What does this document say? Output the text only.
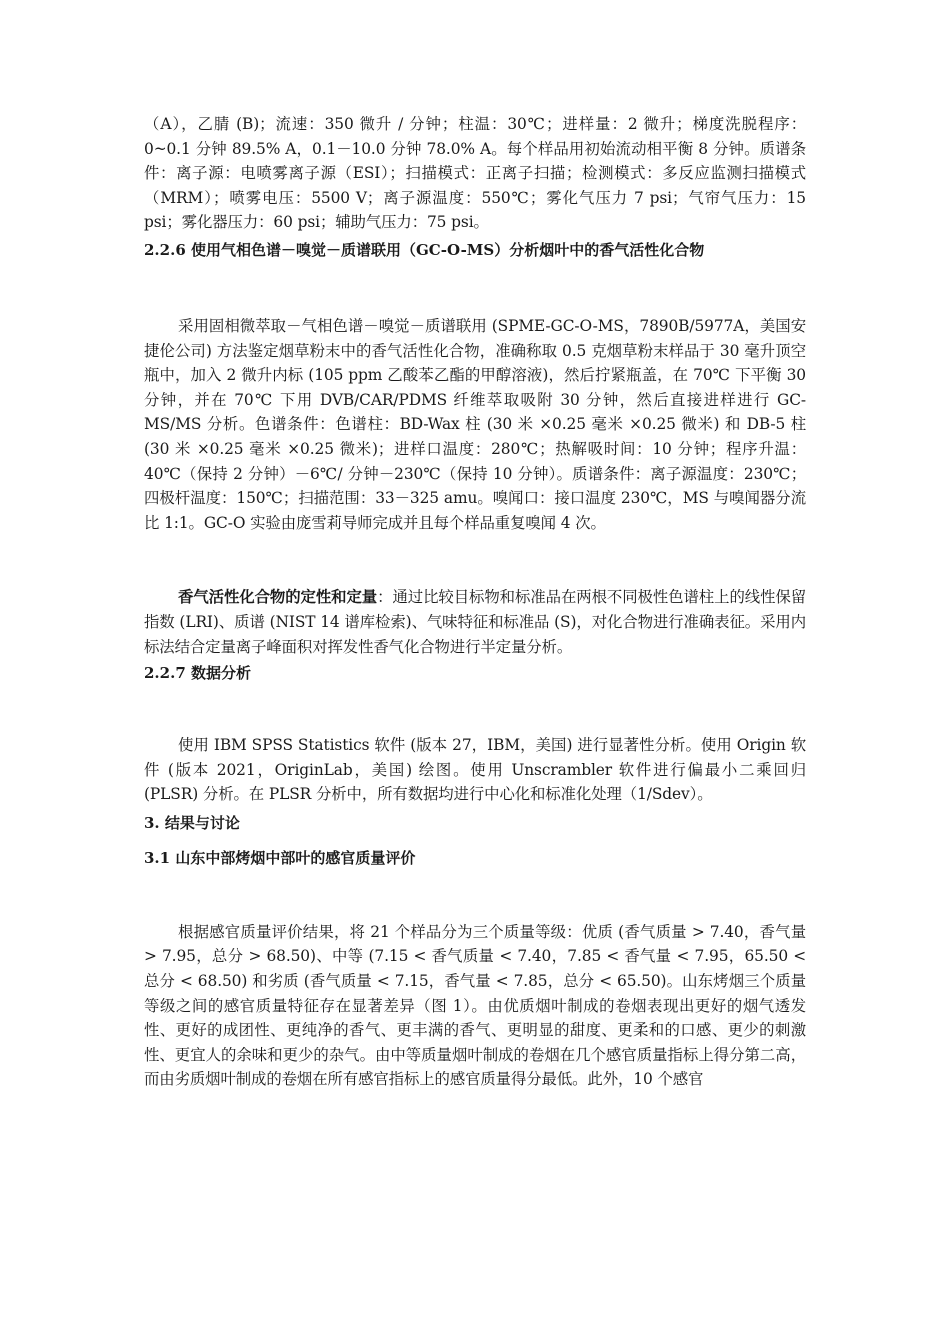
（A），乙腈 (B)；流速：350 微升 / 分钟；柱温：30℃；进样量：2 微升；梯度洗脱程序：0~0.1 分钟 89.5% A，0.1－10.0 分钟 78.0% A。每个样品用初始流动相平衡 8 分钟。质谱条件：离子源：电喷雾离子源（ESI）；扫描模式：正离子扫描；检测模式：多反应监测扫描模式（MRM）；喷雾电压：5500 V；离子源温度：550℃；雾化气压力 7 psi；气帘气压力：15 psi；雾化器压力：60 psi；辅助气压力：75 psi。

2.2.6 使用气相色谱－嗅觉－质谱联用（GC-O-MS）分析烟叶中的香气活性化合物

采用固相微萃取－气相色谱－嗅觉－质谱联用 (SPME-GC-O-MS，7890B/5977A，美国安捷伦公司) 方法鉴定烟草粉末中的香气活性化合物，准确称取 0.5 克烟草粉末样品于 30 毫升顶空瓶中，加入 2 微升内标 (105 ppm 乙酸苯乙酯的甲醇溶液)，然后拧紧瓶盖，在 70℃ 下平衡 30 分钟，并在 70℃ 下用 DVB/CAR/PDMS 纤维萃取吸附 30 分钟，然后直接进样进行 GC-MS/MS 分析。色谱条件：色谱柱：BD-Wax 柱 (30 米 ×0.25 毫米 ×0.25 微米) 和 DB-5 柱 (30 米 ×0.25 毫米 ×0.25 微米)；进样口温度：280℃；热解吸时间：10 分钟；程序升温：40℃（保持 2 分钟）－6℃/ 分钟－230℃（保持 10 分钟）。质谱条件：离子源温度：230℃；四极杆温度：150℃；扫描范围：33－325 amu。嗅闻口：接口温度 230℃，MS 与嗅闻器分流比 1:1。GC-O 实验由庞雪莉导师完成并且每个样品重复嗅闻 4 次。

香气活性化合物的定性和定量：通过比较目标物和标准品在两根不同极性色谱柱上的线性保留指数 (LRI)、质谱 (NIST 14 谱库检索)、气味特征和标准品 (S)，对化合物进行准确表征。采用内标法结合定量离子峰面积对挥发性香气化合物进行半定量分析。

2.2.7 数据分析

使用 IBM SPSS Statistics 软件 (版本 27，IBM，美国) 进行显著性分析。使用 Origin 软件 (版本 2021，OriginLab，美国) 绘图。使用 Unscrambler 软件进行偏最小二乘回归 (PLSR) 分析。在 PLSR 分析中，所有数据均进行中心化和标准化处理（1/Sdev）。

3. 结果与讨论
3.1 山东中部烤烟中部叶的感官质量评价

根据感官质量评价结果，将 21 个样品分为三个质量等级：优质 (香气质量 > 7.40，香气量 > 7.95，总分 > 68.50)、中等 (7.15 < 香气质量 < 7.40，7.85 < 香气量 < 7.95，65.50 < 总分 < 68.50) 和劣质 (香气质量 < 7.15，香气量 < 7.85，总分 < 65.50)。山东烤烟三个质量等级之间的感官质量特征存在显著差异（图 1）。由优质烟叶制成的卷烟表现出更好的烟气透发性、更好的成团性、更纯净的香气、更丰满的香气、更明显的甜度、更柔和的口感、更少的刺激性、更宜人的余味和更少的杂气。由中等质量烟叶制成的卷烟在几个感官质量指标上得分第二高，而由劣质烟叶制成的卷烟在所有感官指标上的感官质量得分最低。此外，10 个感官
